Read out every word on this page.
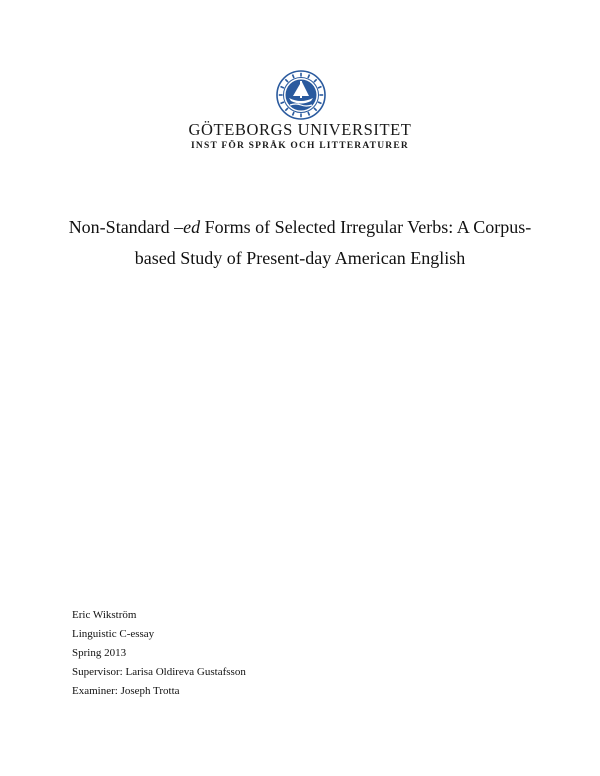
GÖTEBORGS UNIVERSITET
INST FÖR SPRÅK OCH LITTERATURER
Non-Standard –ed Forms of Selected Irregular Verbs: A Corpus-based Study of Present-day American English
Eric Wikström
Linguistic C-essay
Spring 2013
Supervisor: Larisa Oldireva Gustafsson
Examiner: Joseph Trotta
